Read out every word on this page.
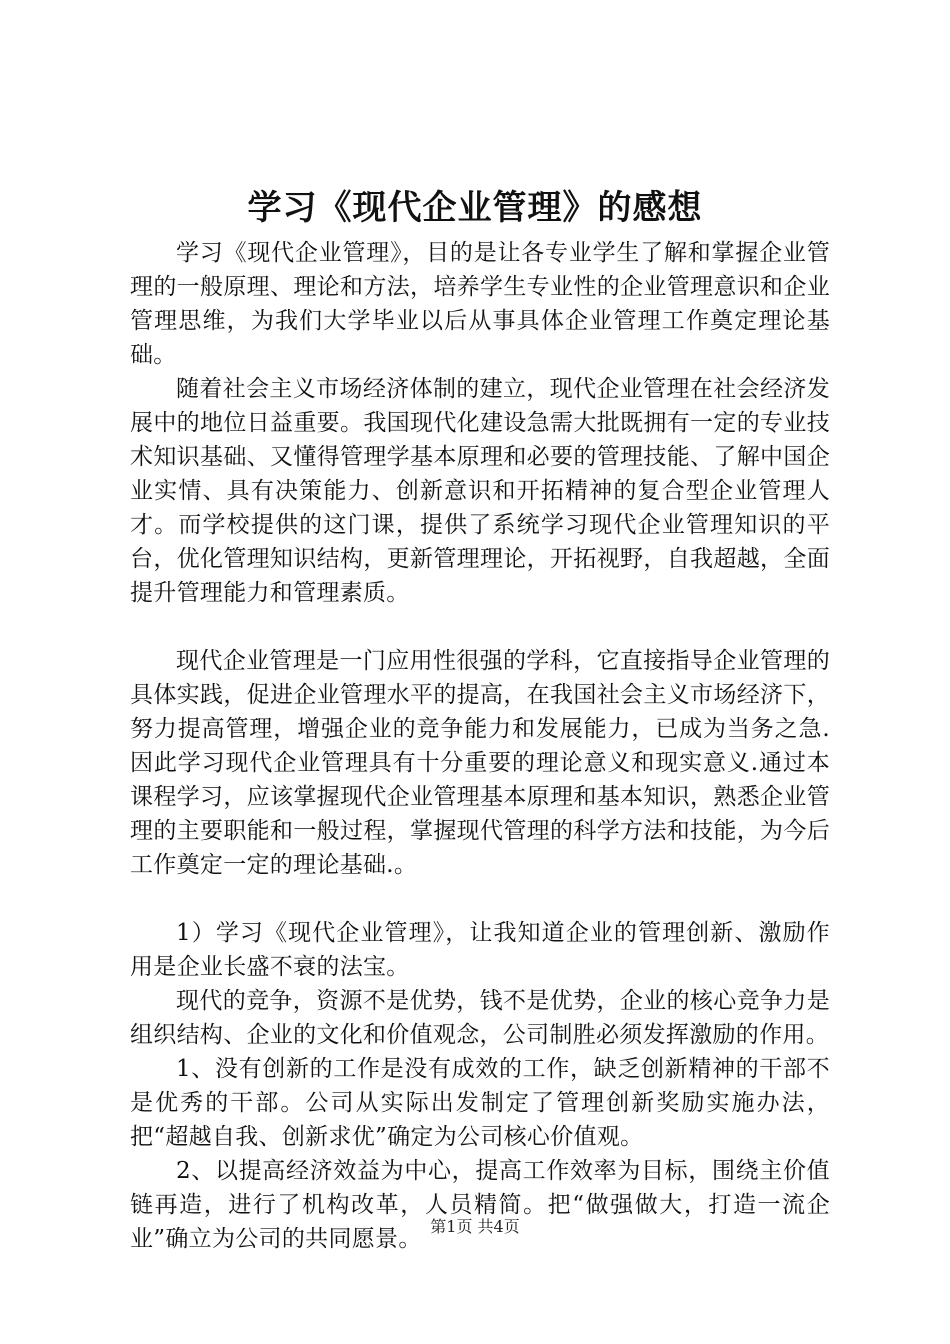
学习《现代企业管理》的感想

学习《现代企业管理》，目的是让各专业学生了解和掌握企业管理的一般原理、理论和方法，培养学生专业性的企业管理意识和企业管理思维，为我们大学毕业以后从事具体企业管理工作奠定理论基础。

随着社会主义市场经济体制的建立，现代企业管理在社会经济发展中的地位日益重要。我国现代化建设急需大批既拥有一定的专业技术知识基础、又懂得管理学基本原理和必要的管理技能、了解中国企业实情、具有决策能力、创新意识和开拓精神的复合型企业管理人才。而学校提供的这门课，提供了系统学习现代企业管理知识的平台，优化管理知识结构，更新管理理论，开拓视野，自我超越，全面提升管理能力和管理素质。

现代企业管理是一门应用性很强的学科，它直接指导企业管理的具体实践，促进企业管理水平的提高，在我国社会主义市场经济下，努力提高管理，增强企业的竞争能力和发展能力，已成为当务之急.因此学习现代企业管理具有十分重要的理论意义和现实意义.通过本课程学习，应该掌握现代企业管理基本原理和基本知识，熟悉企业管理的主要职能和一般过程，掌握现代管理的科学方法和技能，为今后工作奠定一定的理论基础.。

1）学习《现代企业管理》，让我知道企业的管理创新、激励作用是企业长盛不衰的法宝。

现代的竞争，资源不是优势，钱不是优势，企业的核心竞争力是组织结构、企业的文化和价值观念，公司制胜必须发挥激励的作用。

1、没有创新的工作是没有成效的工作，缺乏创新精神的干部不是优秀的干部。公司从实际出发制定了管理创新奖励实施办法，把“超越自我、创新求优”确定为公司核心价值观。

2、以提高经济效益为中心，提高工作效率为目标，围绕主价值链再造，进行了机构改革，人员精简。把“做强做大，打造一流企业”确立为公司的共同愿景。 第1页 共4页
